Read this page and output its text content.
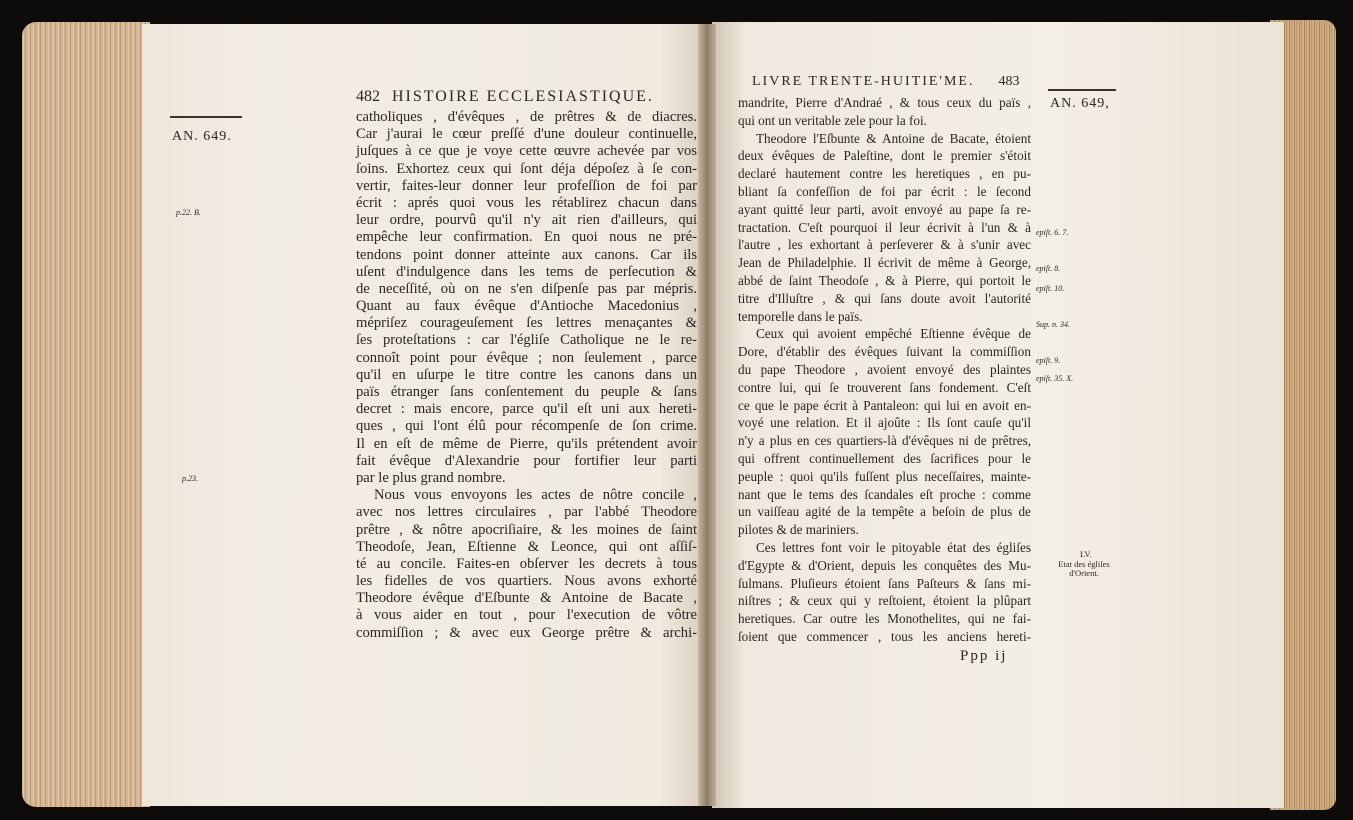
482 HISTOIRE ECCLESIASTIQUE.
AN. 649.
p.22. B.
p.23.
catholiques , d'évêques , de prêtres & de diacres.
Car j'aurai le cœur preſſé d'une douleur continuelle,
juſques à ce que je voye cette œuvre achevée par vos
ſoins. Exhortez ceux qui ſont déja dépoſez à ſe con-
vertir, faites-leur donner leur profeſſion de foi par
écrit : aprés quoi vous les rétablirez chacun dans
leur ordre, pourvû qu'il n'y ait rien d'ailleurs, qui
empêche leur confirmation. En quoi nous ne pré-
tendons point donner atteinte aux canons. Car ils
uſent d'indulgence dans les tems de perſecution &
de neceſſité, où on ne s'en diſpenſe pas par mépris.
Quant au faux évêque d'Antioche Macedonius ,
mépriſez courageuſement ſes lettres menaçantes &
ſes proteſtations : car l'égliſe Catholique ne le re-
connoît point pour évêque ; non ſeulement , parce
qu'il en uſurpe le titre contre les canons dans un
païs étranger ſans conſentement du peuple & ſans
decret : mais encore, parce qu'il eſt uni aux hereti-
ques , qui l'ont élû pour récompenſe de ſon crime.
Il en eſt de même de Pierre, qu'ils prétendent avoir
fait évêque d'Alexandrie pour fortifier leur parti
par le plus grand nombre.
Nous vous envoyons les actes de nôtre concile ,
avec nos lettres circulaires , par l'abbé Theodore
prêtre , & nôtre apocriſiaire, & les moines de ſaint
Theodoſe, Jean, Eſtienne & Leonce, qui ont aſſiſ-
té au concile. Faites-en obſerver les decrets à tous
les fidelles de vos quartiers. Nous avons exhorté
Theodore évêque d'Eſbunte & Antoine de Bacate ,
à vous aider en tout , pour l'execution de vôtre
commiſſion ; & avec eux George prêtre & archi-
LIVRE TRENTE-HUITIE'ME. 483
AN. 649,
epiſt. 6. 7.
epiſt. 8.
epiſt. 10.
Sup. n. 34.
epiſt. 9.
epiſt. 35. X.
LV.
Etat des égliſes d'Orient.
mandrite, Pierre d'Andraé , & tous ceux du païs ,
qui ont un veritable zele pour la foi.
Theodore l'Eſbunte & Antoine de Bacate, étoient
deux évêques de Paleſtine, dont le premier s'étoit
declaré hautement contre les heretiques , en pu-
bliant ſa confeſſion de foi par écrit : le ſecond
ayant quitté leur parti, avoit envoyé au pape ſa re-
tractation. C'eſt pourquoi il leur écrivit à l'un & à
l'autre , les exhortant à perſeverer & à s'unir avec
Jean de Philadelphie. Il écrivit de même à George,
abbé de ſaint Theodoſe , & à Pierre, qui portoit le
titre d'Illuſtre , & qui ſans doute avoit l'autorité
temporelle dans le païs.
Ceux qui avoient empêché Eſtienne évêque de
Dore, d'établir des évêques ſuivant la commiſſion
du pape Theodore , avoient envoyé des plaintes
contre lui, qui ſe trouverent ſans fondement. C'eſt
ce que le pape écrit à Pantaleon: qui lui en avoit en-
voyé une relation. Et il ajoûte : Ils ſont cauſe qu'il
n'y a plus en ces quartiers-là d'évêques ni de prêtres,
qui offrent continuellement des ſacrifices pour le
peuple : quoi qu'ils fuſſent plus neceſſaires, mainte-
nant que le tems des ſcandales eſt proche : comme
un vaiſſeau agité de la tempête a beſoin de plus de
pilotes & de mariniers.
Ces lettres font voir le pitoyable état des égliſes
d'Egypte & d'Orient, depuis les conquêtes des Mu-
ſulmans. Pluſieurs étoient ſans Paſteurs & ſans mi-
niſtres ; & ceux qui y reſtoient, étoient la plûpart
heretiques. Car outre les Monothelites, qui ne fai-
ſoient que commencer , tous les anciens hereti-
Ppp ij
